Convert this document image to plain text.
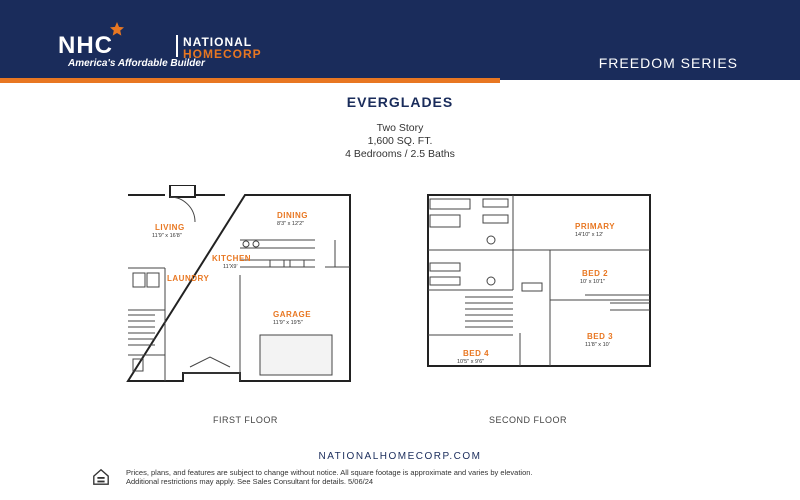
NHC	NATIONAL
HOMECORP
America's Affordable Builder	FREEDOM SERIES
EVERGLADES
Two Story
1,600 SQ. FT.
4 Bedrooms / 2.5 Baths
LIVING
11'9" x 16'8"
DINING
8'3" x 12'2"
KITCHEN
11'X9'
LAUNDRY
GARAGE
11'9" x 19'5"
PRIMARY
14'10" x 12'
BED 2
10' x 10'1"
BED 3
11'8" x 10'
BED 4
10'5" x 9'6"
FIRST FLOOR	SECOND FLOOR
NATIONALHOMECORP.COM
Prices, plans, and features are subject to change without notice. All square footage is approximate and varies by elevation.
Additional restrictions may apply. See Sales Consultant for details. 5/06/24
